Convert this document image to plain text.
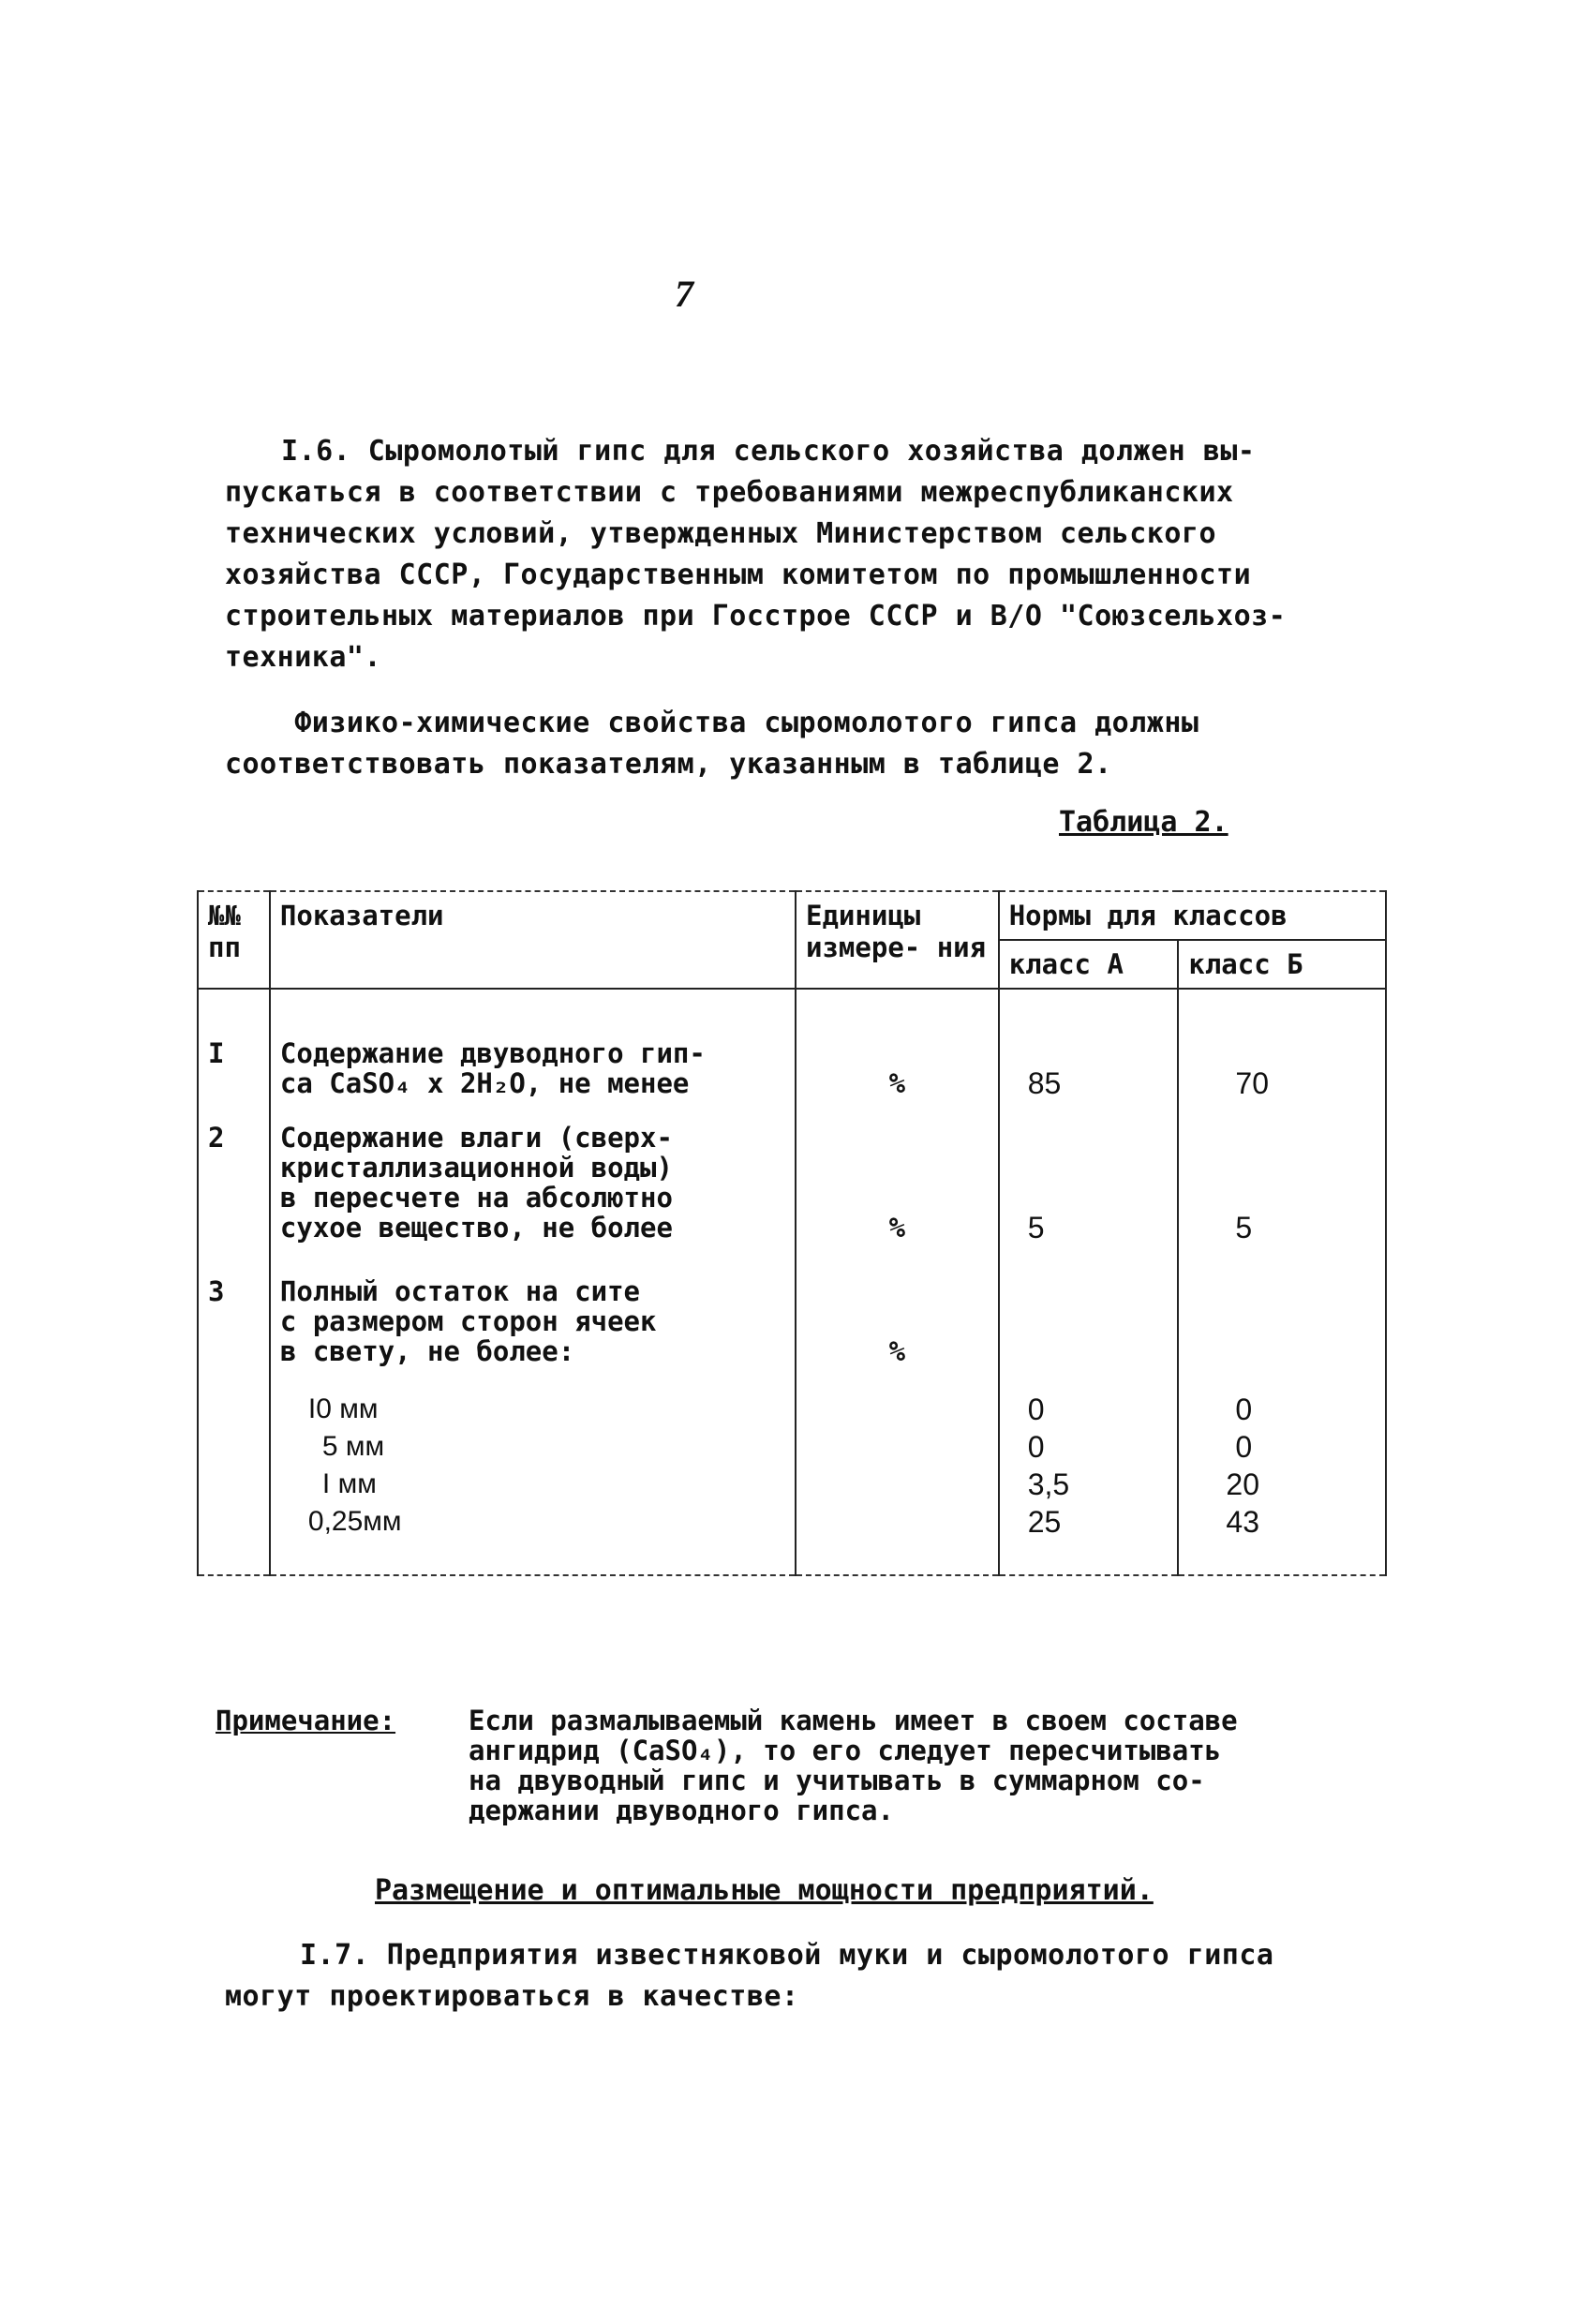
7
I.6. Сыромолотый гипс для сельского хозяйства должен вы-
пускаться в соответствии с требованиями межреспубликанских
технических условий, утвержденных Министерством сельского
хозяйства СССР, Государственным комитетом по промышленности
строительных материалов при Госстрое СССР и В/О "Союзсельхоз-
техника".
Физико-химические свойства сыромолотого гипса должны
соответствовать показателям, указанным в таблице 2.
Таблица 2.
№№ пп	Показатели	Единицы измере- ния	Нормы для классов	
			класс А	класс Б

I	Содержание двуводного гип-
са CaSO₄ x 2H₂O, не менее	%	85	70

2	Содержание влаги (сверх-
кристаллизационной воды)
в пересчете на абсолютно
сухое вещество, не более	%	5	5

3	Полный остаток на сите
с размером сторон ячеек
в свету, не более:	%		

	I0 мм		0	0
	5 мм		0	0
	I мм		3,5	20
	0,25мм		25	43
Примечание:	Если размалываемый камень имеет в своем составе
ангидрид (CaSO₄), то его следует пересчитывать
на двуводный гипс и учитывать в суммарном со-
держании двуводного гипса.
Размещение и оптимальные мощности предприятий.
I.7. Предприятия известняковой муки и сыромолотого гипса
могут проектироваться в качестве:
